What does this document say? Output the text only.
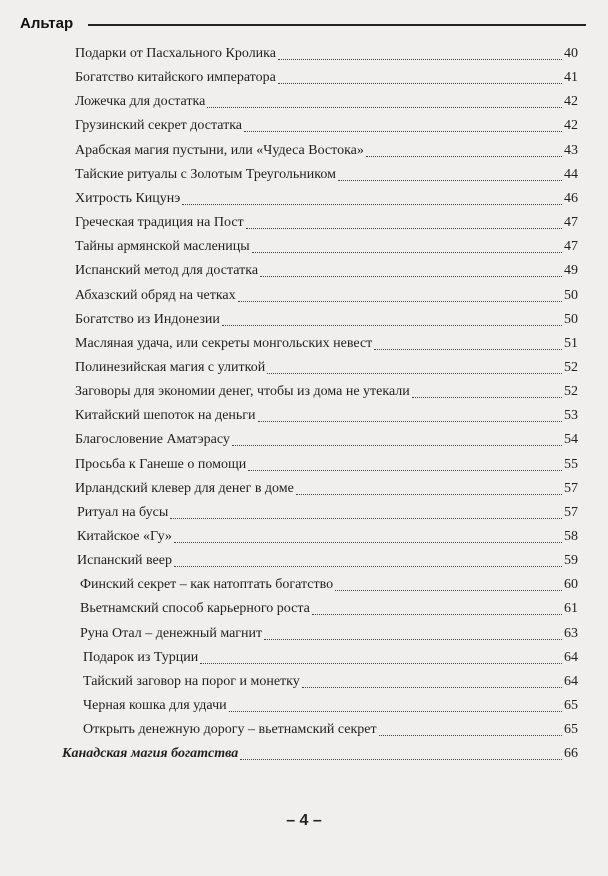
Альтар
Подарки от Пасхального Кролика	40
Богатство китайского императора	41
Ложечка для достатка	42
Грузинский секрет достатка	42
Арабская магия пустыни, или «Чудеса Востока»	43
Тайские ритуалы с Золотым Треугольником	44
Хитрость Кицунэ	46
Греческая традиция на Пост	47
Тайны армянской масленицы	47
Испанский метод для достатка	49
Абхазский обряд на четках	50
Богатство из Индонезии	50
Масляная удача, или секреты монгольских невест	51
Полинезийская магия с улиткой	52
Заговоры для экономии денег, чтобы из дома не утекали	52
Китайский шепоток на деньги	53
Благословение Аматэрасу	54
Просьба к Ганеше о помощи	55
Ирландский клевер для денег в доме	57
Ритуал на бусы	57
Китайское «Гу»	58
Испанский веер	59
Финский секрет – как натоптать богатство	60
Вьетнамский способ карьерного роста	61
Руна Отал – денежный магнит	63
Подарок из Турции	64
Тайский заговор на порог и монетку	64
Черная кошка для удачи	65
Открыть денежную дорогу – вьетнамский секрет	65
Канадская магия богатства	66
– 4 –
